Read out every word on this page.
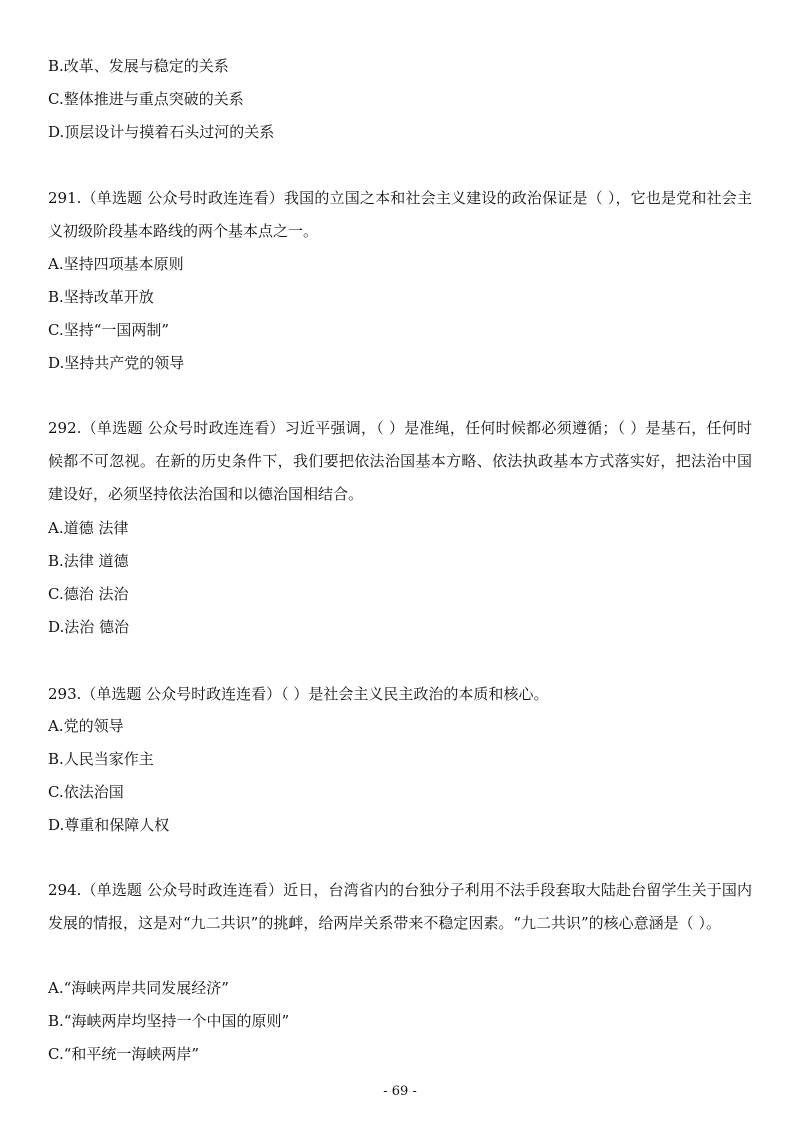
B.改革、发展与稳定的关系
C.整体推进与重点突破的关系
D.顶层设计与摸着石头过河的关系
291.（单选题 公众号时政连连看）我国的立国之本和社会主义建设的政治保证是（ ），它也是党和社会主义初级阶段基本路线的两个基本点之一。
A.坚持四项基本原则
B.坚持改革开放
C.坚持“一国两制”
D.坚持共产党的领导
292.（单选题 公众号时政连连看）习近平强调，（ ）是准绳，任何时候都必须遵循；（ ）是基石，任何时候都不可忽视。在新的历史条件下，我们要把依法治国基本方略、依法执政基本方式落实好，把法治中国建设好，必须坚持依法治国和以德治国相结合。
A.道德 法律
B.法律 道德
C.德治 法治
D.法治 德治
293.（单选题 公众号时政连连看）（ ）是社会主义民主政治的本质和核心。
A.党的领导
B.人民当家作主
C.依法治国
D.尊重和保障人权
294.（单选题 公众号时政连连看）近日，台湾省内的台独分子利用不法手段套取大陆赴台留学生关于国内发展的情报，这是对“九二共识”的挑衅，给两岸关系带来不稳定因素。“九二共识”的核心意涵是（ ）。
A.“海峡两岸共同发展经济”
B.“海峡两岸均坚持一个中国的原则”
C.“和平统一海峡两岸”
- 69 -
